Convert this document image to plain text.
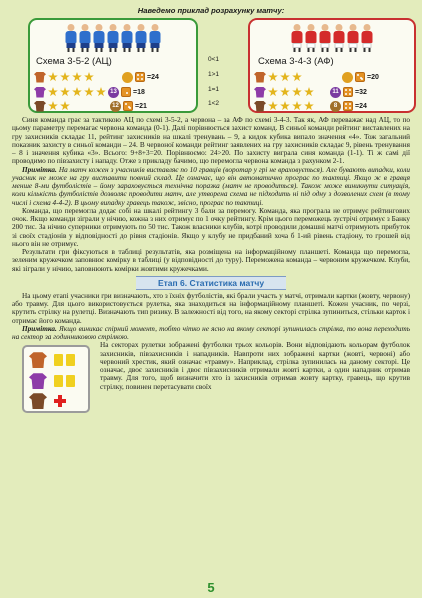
Наведемо приклад розрахунку матчу:
Схема 3-5-2 (АЦ)
=24
13 =18
12 =21
0<1
1>1
1=1
1<2
Схема 3-4-3 (АФ)
=20
11 =32
8	=24

Синя команда грає за тактикою АЦ по схемі 3-5-2, а червона – за АФ по схемі 3-4-3. Так як, АФ переважає над АЦ, то по цьому параметру перемагає червона команда (0-1). Далі порівнюється захист команд. В синьої команди рейтинг виставлених на гру захисників складає 11, рейтинг захисників на шкалі тренувань – 9, а кидок кубика випало значення «4». Тож загальний показник захисту в синьої команди – 24. В червоної команди рейтинг заявлених на гру захисників складає 9, рівень тренування – 8 і значення кубика «3». Всього: 9+8+3=20. Порівнюємо: 24>20. По захисту виграла синя команда (1-1). Ті ж самі дії проводимо по півзахисту і нападу. Отже з прикладу бачимо, що перемогла червона команда з рахунком 2-1.

Примітка. На матч кожен з учасників виставляє по 10 гравців (воротар у грі не враховується). Але бувають випадки, коли учасник не може на гру виставити повний склад. Це означає, що він автоматично програє по тактиці. Якщо ж в гравця менше 8-ми футболістів – йому зараховується технічна поразка (матч не проводиться). Також може виникнути ситуація, коли кількість футболістів дозволяє проводити матч, але утворена схема не підходить ні під одну з дозволених схем (в тому числі і схема 4-4-2). В цьому випадку гравець також, звісно, програє по тактиці.

Команда, що перемогла додає собі на шкалі рейтингу 3 бали за перемогу. Команда, яка програла не отримує рейтингових очок. Якщо команди зіграли у нічию, кожна з них отримує по 1 очку рейтингу. Крім цього переможець зустрічі отримує з Банку 200 тис. За нічию суперники отримують по 50 тис. Також власники клубів, котрі проводили домашні матчі отримують прибуток зі своїх стадіонів у відповідності до рівня стадіонів. Якщо у клубу не придбаний хоча б 1-ий рівень стадіону, то грошей від нього він не отримує.

Результати гри фіксуються в таблиці результатів, яка розміщена на інформаційному планшеті. Команда що перемогла, зеленим кружечком заповнює комірку в таблиці (у відповідності до туру). Переможена команда – червоним кружечком. Клуби, які зіграли у нічию, заповнюють комірки жовтими кружечками.

Етап 6. Статистика матчу

На цьому етапі учасники гри визначають, хто з їхніх футболістів, які брали участь у матчі, отримали картки (жовту, червону) або травму. Для цього використовується рулетка, яка знаходиться на інформаційному планшеті. Кожен учасник, по черзі, крутить стрілку на рулетці. Визначають тип ризику. В залежності від того, на якому секторі стрілка зупиниться, стільки карток і отримає його команда.

Примітка. Якщо виникає спірний момент, тобто чітко не ясно на якому секторі зупинилась стрілка, то вона переходить на сектор за годинниковою стрілкою.

На секторах рулетки зображені футболки трьох кольорів. Вони відповідають кольорам футболок захисників, півзахисників і нападників. Навпроти них зображені картки (жовті, червоні) або червоний хрестик, який означає «травму». Наприклад, стрілка зупинилась на даному секторі. Це означає, двоє захисників і двоє півзахисників отримали жовті картки, а один нападник отримав травму. Для того, щоб визначити хто із захисників отримав жовту картку, гравець, що крутив стрілку, повинен перетасувати своїх
5
